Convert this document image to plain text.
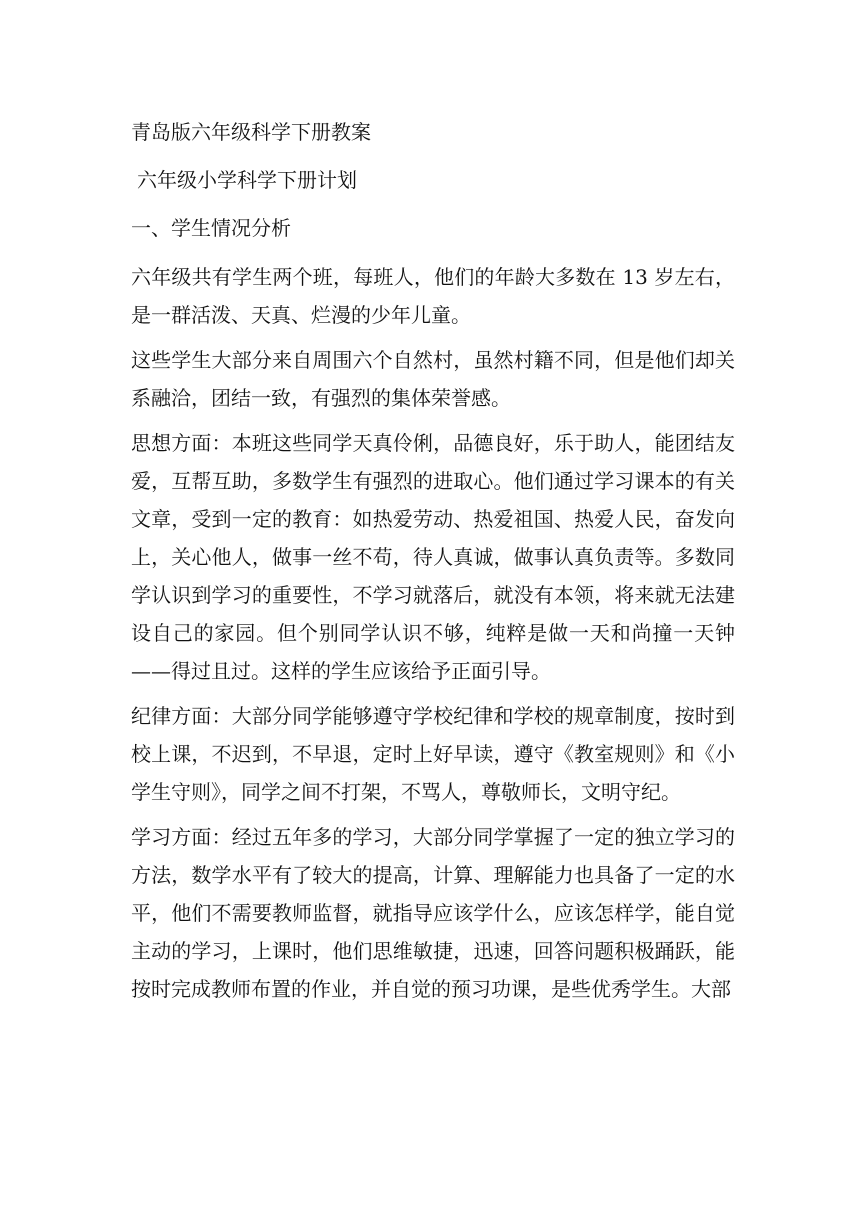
青岛版六年级科学下册教案

六年级小学科学下册计划

一、学生情况分析

六年级共有学生两个班，每班人，他们的年龄大多数在 13 岁左右，是一群活泼、天真、烂漫的少年儿童。

这些学生大部分来自周围六个自然村，虽然村籍不同，但是他们却关系融洽，团结一致，有强烈的集体荣誉感。

思想方面：本班这些同学天真伶俐，品德良好，乐于助人，能团结友爱，互帮互助，多数学生有强烈的进取心。他们通过学习课本的有关文章，受到一定的教育：如热爱劳动、热爱祖国、热爱人民，奋发向上，关心他人，做事一丝不苟，待人真诚，做事认真负责等。多数同学认识到学习的重要性，不学习就落后，就没有本领，将来就无法建设自己的家园。但个别同学认识不够，纯粹是做一天和尚撞一天钟——得过且过。这样的学生应该给予正面引导。

纪律方面：大部分同学能够遵守学校纪律和学校的规章制度，按时到校上课，不迟到，不早退，定时上好早读，遵守《教室规则》和《小学生守则》，同学之间不打架，不骂人，尊敬师长，文明守纪。

学习方面：经过五年多的学习，大部分同学掌握了一定的独立学习的方法，数学水平有了较大的提高，计算、理解能力也具备了一定的水平，他们不需要教师监督，就指导应该学什么，应该怎样学，能自觉主动的学习，上课时，他们思维敏捷，迅速，回答问题积极踊跃，能按时完成教师布置的作业，并自觉的预习功课，是些优秀学生。大部
